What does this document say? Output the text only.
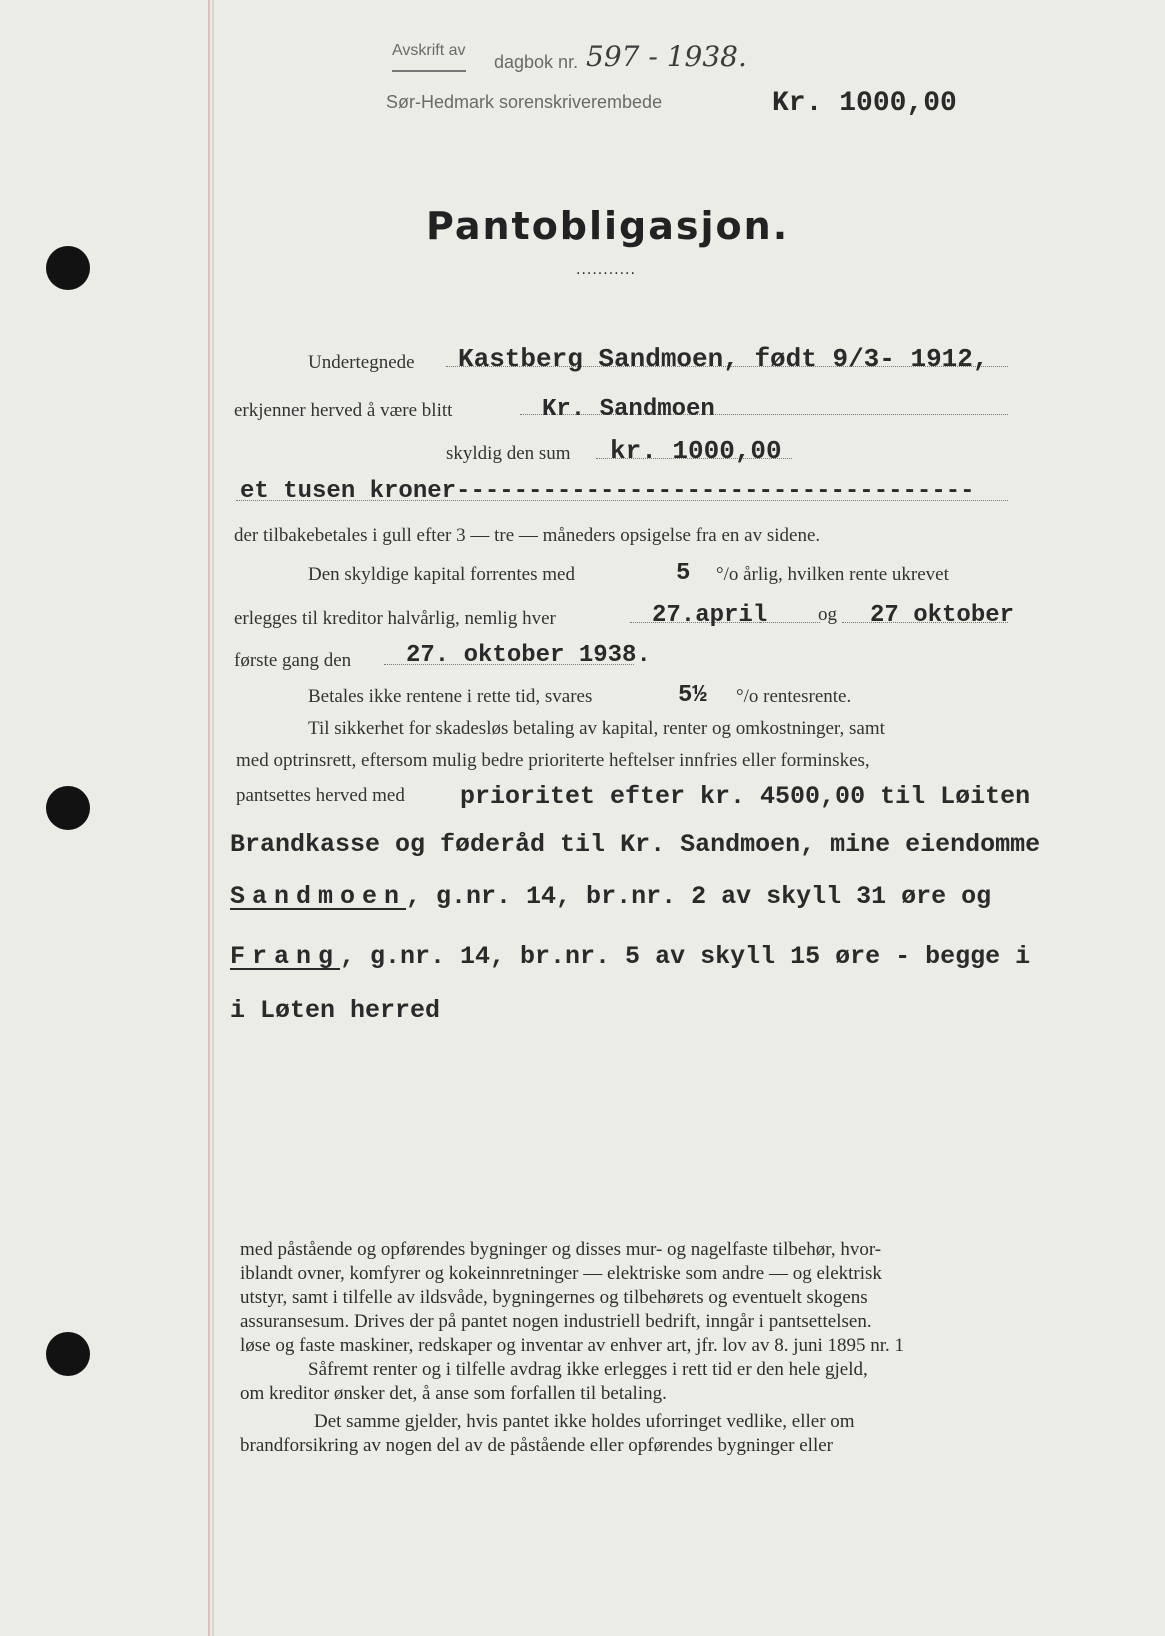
Avskrift av
dagbok nr. 597 - 1938.
Sør-Hedmark sorenskriverembede	Kr. 1000,00
Pantobligasjon.
...........
Undertegnede Kastberg Sandmoen, født 9/3- 1912,
erkjenner herved å være blitt	Kr. Sandmoen
skyldig den sum kr. 1000,00
et tusen kroner------------------------------------
der tilbakebetales i gull efter 3 — tre — måneders opsigelse fra en av sidene.
Den skyldige kapital forrentes med	5 °/o årlig, hvilken rente ukrevet
erlegges til kreditor halvårlig, nemlig hver	27.april	og 27 oktober
første gang den 27. oktober 1938.
Betales ikke rentene i rette tid, svares	5½ °/o rentesrente.
Til sikkerhet for skadesløs betaling av kapital, renter og omkostninger, samt
med optrinsrett, eftersom mulig bedre prioriterte heftelser innfries eller forminskes,
pantsettes herved med prioritet efter kr. 4500,00 til Løiten
Brandkasse og føderåd til Kr. Sandmoen, mine eiendomme
Sandmoen, g.nr. 14, br.nr. 2 av skyll 31 øre og
Frang, g.nr. 14, br.nr. 5 av skyll 15 øre - begge i
i Løten herred
med påstående og opførendes bygninger og disses mur- og nagelfaste tilbehør, hvor-
iblandt ovner, komfyrer og kokeinnretninger — elektriske som andre — og elektrisk
utstyr, samt i tilfelle av ildsvåde, bygningernes og tilbehørets og eventuelt skogens
assuransesum. Drives der på pantet nogen industriell bedrift, inngår i pantsettelsen.
løse og faste maskiner, redskaper og inventar av enhver art, jfr. lov av 8. juni 1895 nr. 1
Såfremt renter og i tilfelle avdrag ikke erlegges i rett tid er den hele gjeld,
om kreditor ønsker det, å anse som forfallen til betaling.
Det samme gjelder, hvis pantet ikke holdes uforringet vedlike, eller om
brandforsikring av nogen del av de påstående eller opførendes bygninger eller
